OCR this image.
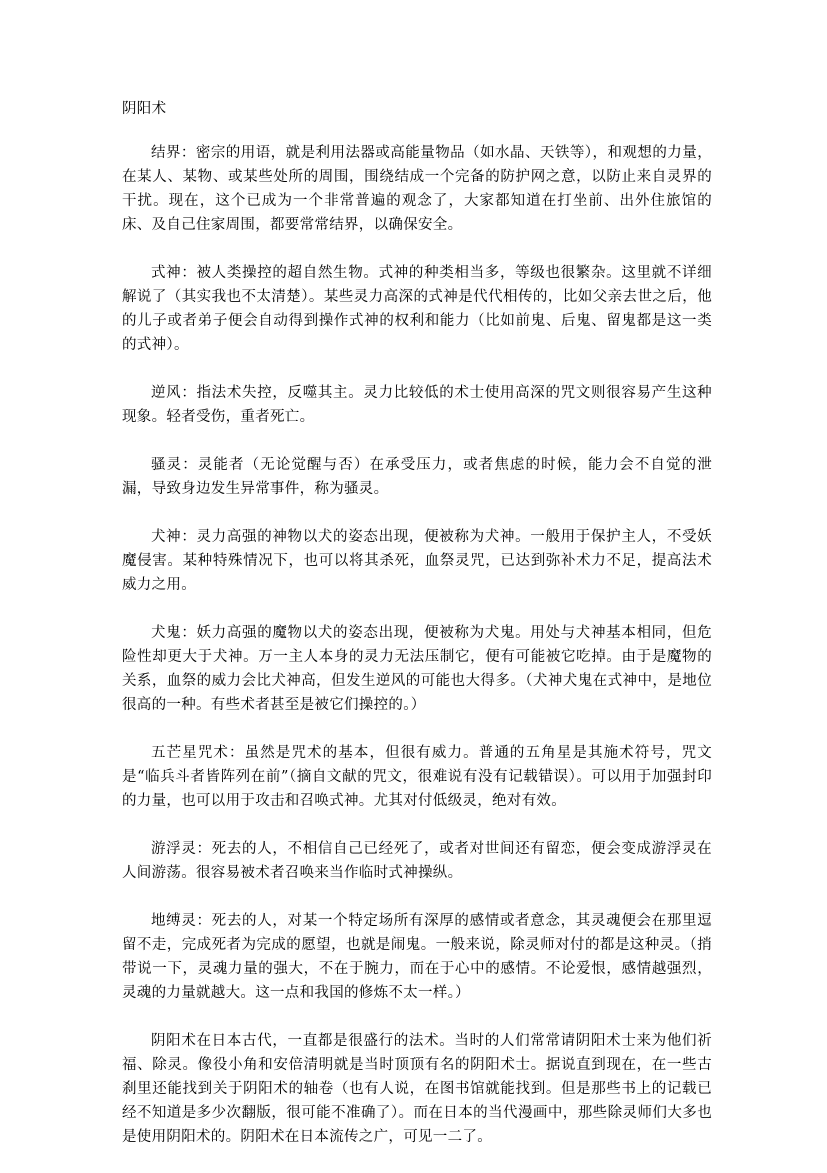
阴阳术

结界：密宗的用语，就是利用法器或高能量物品（如水晶、天铁等），和观想的力量，在某人、某物、或某些处所的周围，围绕结成一个完备的防护网之意，以防止来自灵界的干扰。现在，这个已成为一个非常普遍的观念了，大家都知道在打坐前、出外住旅馆的床、及自己住家周围，都要常常结界，以确保安全。

式神：被人类操控的超自然生物。式神的种类相当多，等级也很繁杂。这里就不详细解说了（其实我也不太清楚）。某些灵力高深的式神是代代相传的，比如父亲去世之后，他的儿子或者弟子便会自动得到操作式神的权利和能力（比如前鬼、后鬼、留鬼都是这一类的式神）。

逆风：指法术失控，反噬其主。灵力比较低的术士使用高深的咒文则很容易产生这种现象。轻者受伤，重者死亡。

骚灵：灵能者（无论觉醒与否）在承受压力，或者焦虑的时候，能力会不自觉的泄漏，导致身边发生异常事件，称为骚灵。

犬神：灵力高强的神物以犬的姿态出现，便被称为犬神。一般用于保护主人，不受妖魔侵害。某种特殊情况下，也可以将其杀死，血祭灵咒，已达到弥补术力不足，提高法术威力之用。

犬鬼：妖力高强的魔物以犬的姿态出现，便被称为犬鬼。用处与犬神基本相同，但危险性却更大于犬神。万一主人本身的灵力无法压制它，便有可能被它吃掉。由于是魔物的关系，血祭的威力会比犬神高，但发生逆风的可能也大得多。（犬神犬鬼在式神中，是地位很高的一种。有些术者甚至是被它们操控的。）

五芒星咒术：虽然是咒术的基本，但很有威力。普通的五角星是其施术符号，咒文是“临兵斗者皆阵列在前”（摘自文献的咒文，很难说有没有记载错误）。可以用于加强封印的力量，也可以用于攻击和召唤式神。尤其对付低级灵，绝对有效。

游浮灵：死去的人，不相信自己已经死了，或者对世间还有留恋，便会变成游浮灵在人间游荡。很容易被术者召唤来当作临时式神操纵。

地缚灵：死去的人，对某一个特定场所有深厚的感情或者意念，其灵魂便会在那里逗留不走，完成死者为完成的愿望，也就是闹鬼。一般来说，除灵师对付的都是这种灵。（捎带说一下，灵魂力量的强大，不在于腕力，而在于心中的感情。不论爱恨，感情越强烈，灵魂的力量就越大。这一点和我国的修炼不太一样。）

阴阳术在日本古代，一直都是很盛行的法术。当时的人们常常请阴阳术士来为他们祈福、除灵。像役小角和安倍清明就是当时顶顶有名的阴阳术士。据说直到现在，在一些古刹里还能找到关于阴阳术的轴卷（也有人说，在图书馆就能找到。但是那些书上的记载已经不知道是多少次翻版，很可能不准确了）。而在日本的当代漫画中，那些除灵师们大多也是使用阴阳术的。阴阳术在日本流传之广，可见一二了。
